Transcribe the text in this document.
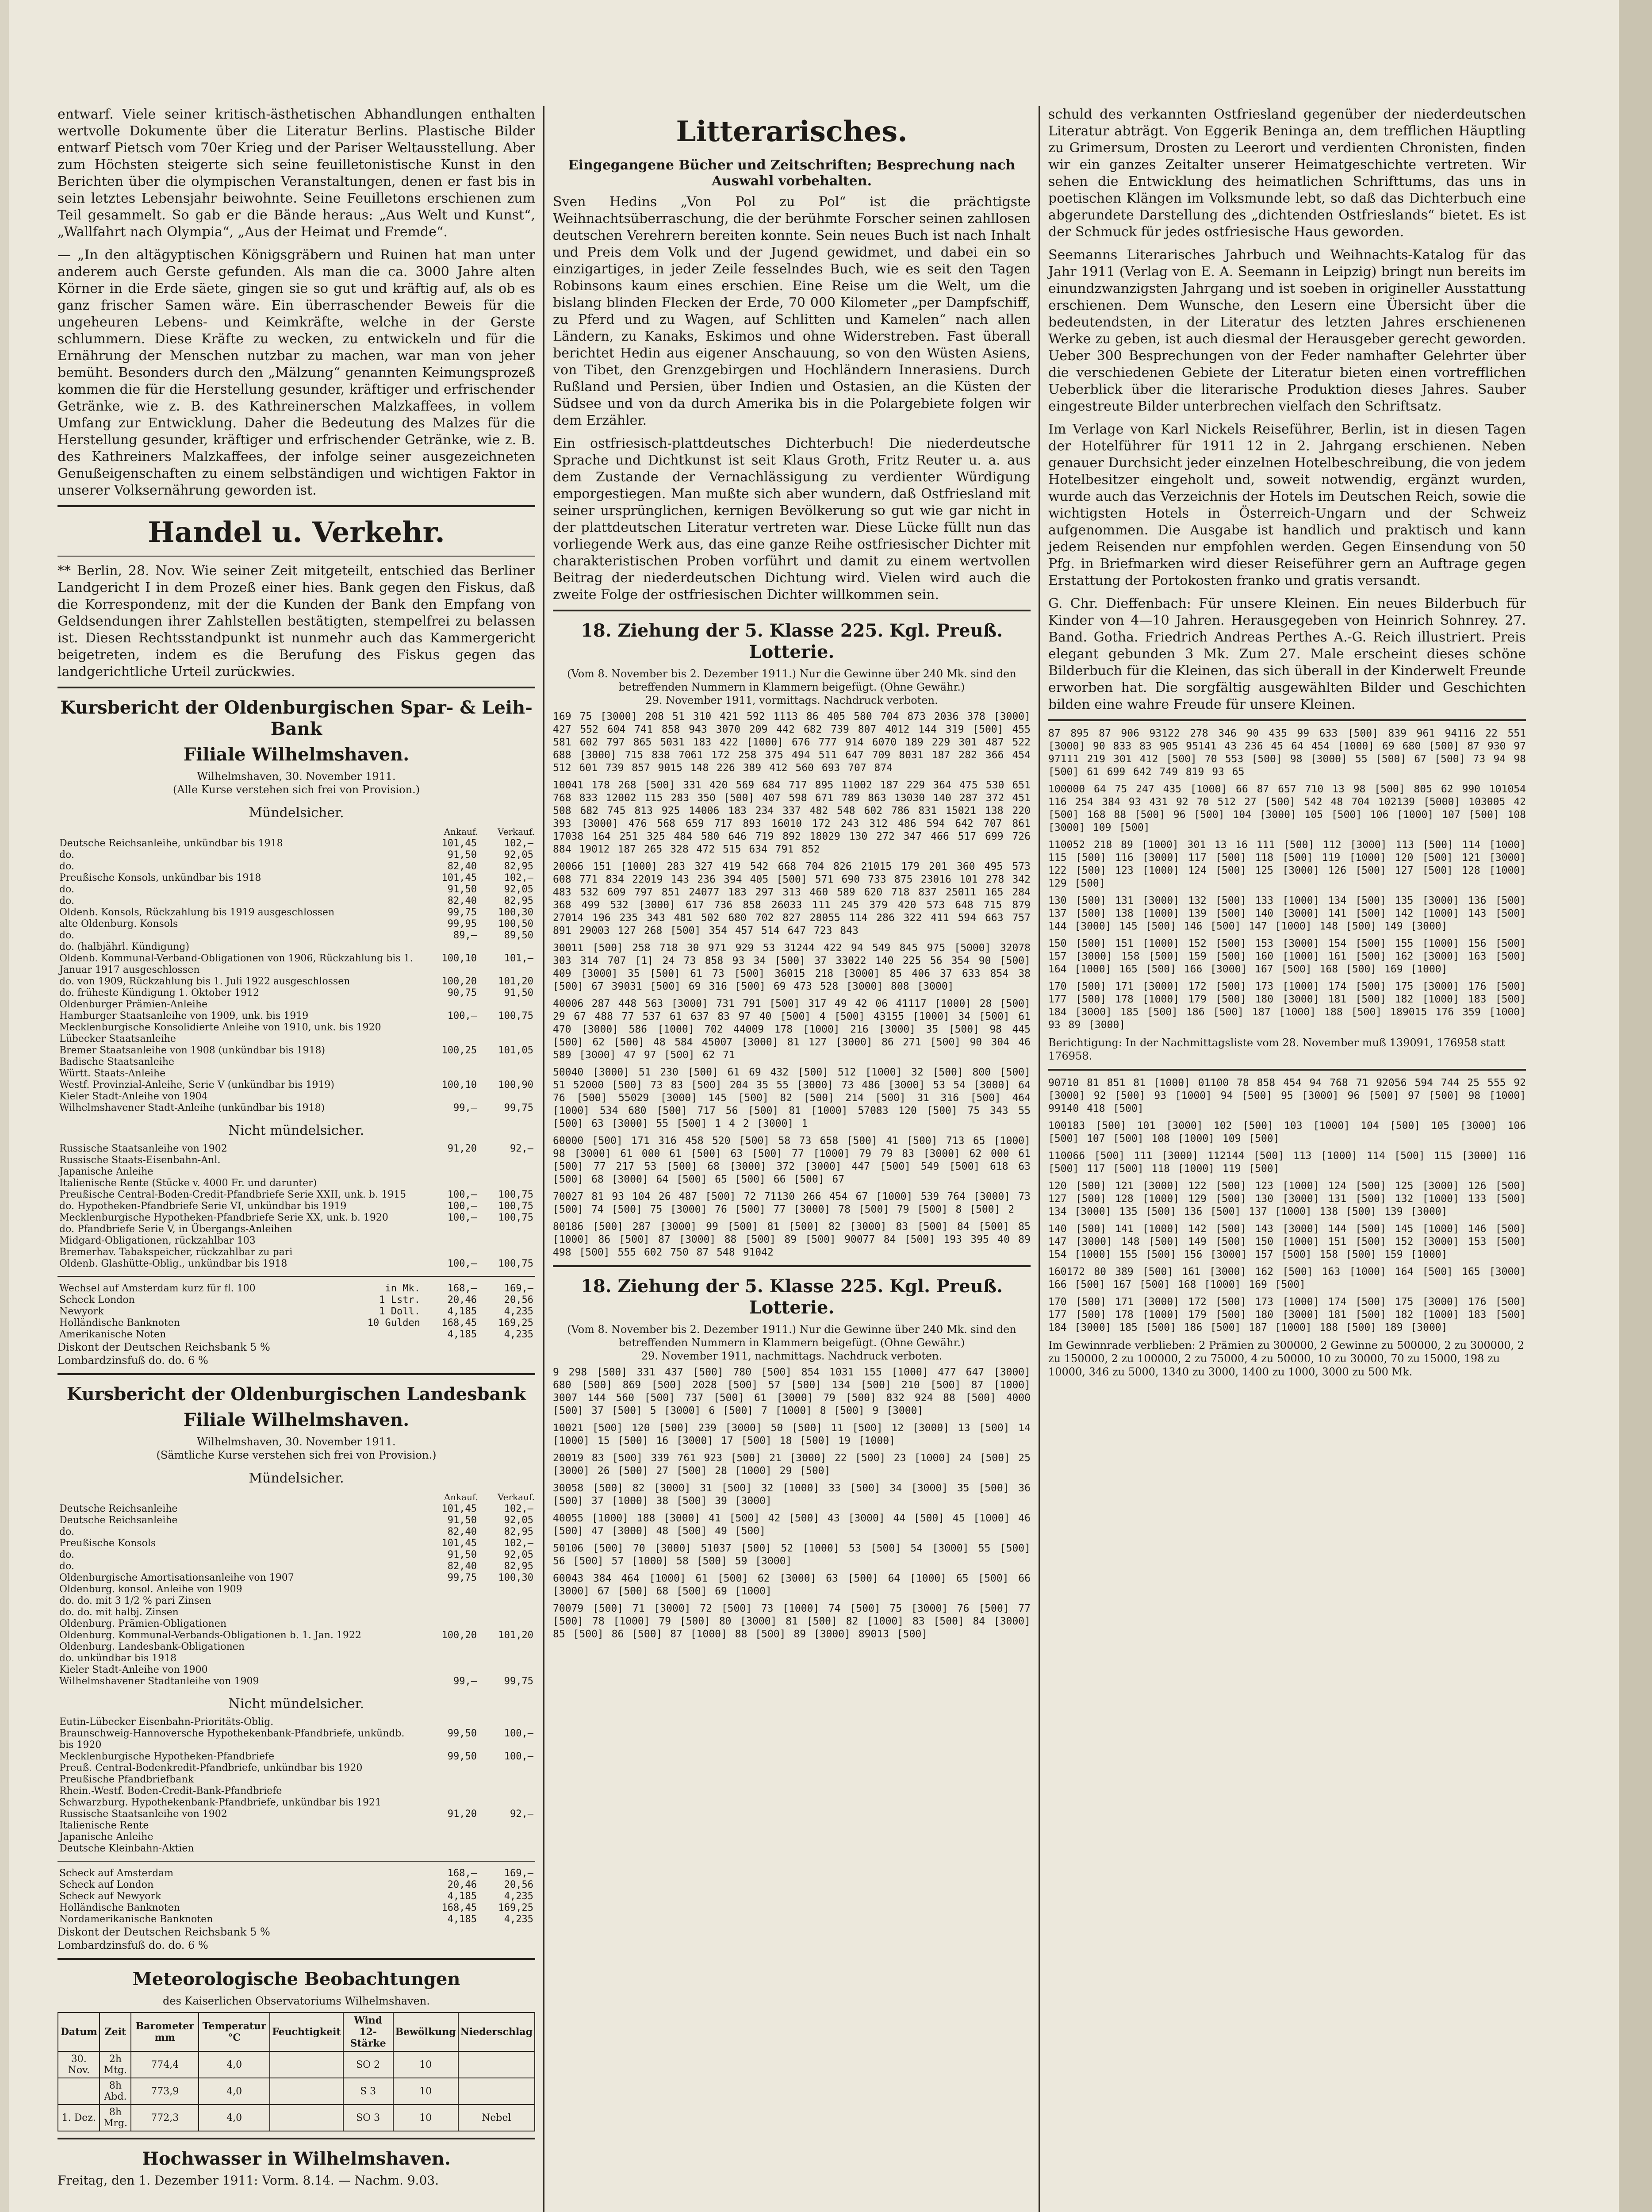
entwarf. Viele seiner kritisch-ästhetischen Abhandlungen enthalten wertvolle Dokumente über die Literatur Berlins. Plastische Bilder entwarf Pietsch vom 70er Krieg und der Pariser Weltausstellung. Aber zum Höchsten steigerte sich seine feuilletonistische Kunst in den Berichten über die olympischen Veranstaltungen, denen er fast bis in sein letztes Lebensjahr beiwohnte. Seine Feuilletons erschienen zum Teil gesammelt. So gab er die Bände heraus: „Aus Welt und Kunst“, „Wallfahrt nach Olympia“, „Aus der Heimat und Fremde“.

— „In den altägyptischen Königsgräbern und Ruinen hat man unter anderem auch Gerste gefunden. Als man die ca. 3000 Jahre alten Körner in die Erde säete, gingen sie so gut und kräftig auf, als ob es ganz frischer Samen wäre. Ein überraschender Beweis für die ungeheuren Lebens- und Keimkräfte, welche in der Gerste schlummern. Diese Kräfte zu wecken, zu entwickeln und für die Ernährung der Menschen nutzbar zu machen, war man von jeher bemüht. Besonders durch den „Mälzung“ genannten Keimungsprozeß kommen die für die Herstellung gesunder, kräftiger und erfrischender Getränke, wie z. B. des Kathreinerschen Malzkaffees, in vollem Umfang zur Entwicklung. Daher die Bedeutung des Malzes für die Herstellung gesunder, kräftiger und erfrischender Getränke, wie z. B. des Kathreiners Malzkaffees, der infolge seiner ausgezeichneten Genußeigenschaften zu einem selbständigen und wichtigen Faktor in unserer Volksernährung geworden ist.

Handel u. Verkehr.

** Berlin, 28. Nov. Wie seiner Zeit mitgeteilt, entschied das Berliner Landgericht I in dem Prozeß einer hies. Bank gegen den Fiskus, daß die Korrespondenz, mit der die Kunden der Bank den Empfang von Geldsendungen ihrer Zahlstellen bestätigten, stempelfrei zu belassen ist. Diesen Rechtsstandpunkt ist nunmehr auch das Kammergericht beigetreten, indem es die Berufung des Fiskus gegen das landgerichtliche Urteil zurückwies.

Kursbericht der Oldenburgischen Spar- & Leih-Bank
Filiale Wilhelmshaven.
Wilhelmshaven, 30. November 1911.
(Alle Kurse verstehen sich frei von Provision.)
Mündelsicher.
	Ankauf.	Verkauf.
Deutsche Reichsanleihe, unkündbar bis 1918	101,45	102,—
do.	91,50	92,05
do.	82,40	82,95
Preußische Konsols, unkündbar bis 1918	101,45	102,—
do.	91,50	92,05
do.	82,40	82,95
Oldenb. Konsols, Rückzahlung bis 1919 ausgeschlossen	99,75	100,30
alte Oldenburg. Konsols	99,95	100,50
do.	89,—	89,50
do. (halbjährl. Kündigung)		
Oldenb. Kommunal-Verband-Obligationen von 1906, Rückzahlung bis 1. Januar 1917 ausgeschlossen	100,10	101,—
do. von 1909, Rückzahlung bis 1. Juli 1922 ausgeschlossen	100,20	101,20
do. früheste Kündigung 1. Oktober 1912	90,75	91,50
Oldenburger Prämien-Anleihe		
Hamburger Staatsanleihe von 1909, unk. bis 1919	100,—	100,75
Mecklenburgische Konsolidierte Anleihe von 1910, unk. bis 1920		
Lübecker Staatsanleihe		
Bremer Staatsanleihe von 1908 (unkündbar bis 1918)	100,25	101,05
Badische Staatsanleihe		
Württ. Staats-Anleihe		
Westf. Provinzial-Anleihe, Serie V (unkündbar bis 1919)	100,10	100,90
Kieler Stadt-Anleihe von 1904		
Wilhelmshavener Stadt-Anleihe (unkündbar bis 1918)	99,—	99,75
Nicht mündelsicher.
Russische Staatsanleihe von 1902	91,20	92,—
Russische Staats-Eisenbahn-Anl.		
Japanische Anleihe		
Italienische Rente (Stücke v. 4000 Fr. und darunter)		
Preußische Central-Boden-Credit-Pfandbriefe Serie XXII, unk. b. 1915	100,—	100,75
do. Hypotheken-Pfandbriefe Serie VI, unkündbar bis 1919	100,—	100,75
Mecklenburgische Hypotheken-Pfandbriefe Serie XX, unk. b. 1920	100,—	100,75
do. Pfandbriefe Serie V, in Übergangs-Anleihen		
Midgard-Obligationen, rückzahlbar 103		
Bremerhav. Tabakspeicher, rückzahlbar zu pari		
Oldenb. Glashütte-Oblig., unkündbar bis 1918	100,—	100,75
Wechsel auf Amsterdam kurz für fl. 100	in Mk.	168,—	169,—
Scheck London	1 Lstr.	20,46	20,56
Newyork	1 Doll.	4,185	4,235
Holländische Banknoten	10 Gulden	168,45	169,25
Amerikanische Noten		4,185	4,235
Diskont der Deutschen Reichsbank 5 %
Lombardzinsfuß do. do. 6 %
Kursbericht der Oldenburgischen Landesbank
Filiale Wilhelmshaven.
Wilhelmshaven, 30. November 1911.
(Sämtliche Kurse verstehen sich frei von Provision.)
Mündelsicher.
	Ankauf.	Verkauf.
Deutsche Reichsanleihe	101,45	102,—
Deutsche Reichsanleihe	91,50	92,05
do.	82,40	82,95
Preußische Konsols	101,45	102,—
do.	91,50	92,05
do.	82,40	82,95
Oldenburgische Amortisationsanleihe von 1907	99,75	100,30
Oldenburg. konsol. Anleihe von 1909		
do. do. mit 3 1/2 % pari Zinsen		
do. do. mit halbj. Zinsen		
Oldenburg. Prämien-Obligationen		
Oldenburg. Kommunal-Verbands-Obligationen b. 1. Jan. 1922	100,20	101,20
Oldenburg. Landesbank-Obligationen		
do. unkündbar bis 1918		
Kieler Stadt-Anleihe von 1900		
Wilhelmshavener Stadtanleihe von 1909	99,—	99,75
Nicht mündelsicher.
Eutin-Lübecker Eisenbahn-Prioritäts-Oblig.		
Braunschweig-Hannoversche Hypothekenbank-Pfandbriefe, unkündb. bis 1920	99,50	100,—
Mecklenburgische Hypotheken-Pfandbriefe	99,50	100,—
Preuß. Central-Bodenkredit-Pfandbriefe, unkündbar bis 1920		
Preußische Pfandbriefbank		
Rhein.-Westf. Boden-Credit-Bank-Pfandbriefe		
Schwarzburg. Hypothekenbank-Pfandbriefe, unkündbar bis 1921		
Russische Staatsanleihe von 1902	91,20	92,—
Italienische Rente		
Japanische Anleihe		
Deutsche Kleinbahn-Aktien		
Scheck auf Amsterdam	168,—	169,—
Scheck auf London	20,46	20,56
Scheck auf Newyork	4,185	4,235
Holländische Banknoten	168,45	169,25
Nordamerikanische Banknoten	4,185	4,235
Diskont der Deutschen Reichsbank 5 %
Lombardzinsfuß do. do. 6 %
Meteorologische Beobachtungen
des Kaiserlichen Observatoriums Wilhelmshaven.
Datum	Zeit	Barometer mm	Temperatur °C	Feuchtigkeit	Wind 12-Stärke	Bewölkung	Niederschlag
30. Nov.	2h Mtg.	774,4	4,0		SO 2	10	
	8h Abd.	773,9	4,0		S 3	10	
1. Dez.	8h Mrg.	772,3	4,0		SO 3	10	Nebel
Hochwasser in Wilhelmshaven.
Freitag, den 1. Dezember 1911: Vorm. 8.14. — Nachm. 9.03.
Litterarisches.
Eingegangene Bücher und Zeitschriften; Besprechung nach Auswahl vorbehalten.

Sven Hedins „Von Pol zu Pol“ ist die prächtigste Weihnachtsüberraschung, die der berühmte Forscher seinen zahllosen deutschen Verehrern bereiten konnte. Sein neues Buch ist nach Inhalt und Preis dem Volk und der Jugend gewidmet, und dabei ein so einzigartiges, in jeder Zeile fesselndes Buch, wie es seit den Tagen Robinsons kaum eines erschien. Eine Reise um die Welt, um die bislang blinden Flecken der Erde, 70 000 Kilometer „per Dampfschiff, zu Pferd und zu Wagen, auf Schlitten und Kamelen“ nach allen Ländern, zu Kanaks, Eskimos und ohne Widerstreben. Fast überall berichtet Hedin aus eigener Anschauung, so von den Wüsten Asiens, von Tibet, den Grenzgebirgen und Hochländern Innerasiens. Durch Rußland und Persien, über Indien und Ostasien, an die Küsten der Südsee und von da durch Amerika bis in die Polargebiete folgen wir dem Erzähler.

Ein ostfriesisch-plattdeutsches Dichterbuch! Die niederdeutsche Sprache und Dichtkunst ist seit Klaus Groth, Fritz Reuter u. a. aus dem Zustande der Vernachlässigung zu verdienter Würdigung emporgestiegen. Man mußte sich aber wundern, daß Ostfriesland mit seiner ursprünglichen, kernigen Bevölkerung so gut wie gar nicht in der plattdeutschen Literatur vertreten war. Diese Lücke füllt nun das vorliegende Werk aus, das eine ganze Reihe ostfriesischer Dichter mit charakteristischen Proben vorführt und damit zu einem wertvollen Beitrag der niederdeutschen Dichtung wird. Vielen wird auch die zweite Folge der ostfriesischen Dichter willkommen sein.

18. Ziehung der 5. Klasse 225. Kgl. Preuß. Lotterie.
(Vom 8. November bis 2. Dezember 1911.) Nur die Gewinne über 240 Mk. sind den betreffenden Nummern in Klammern beigefügt. (Ohne Gewähr.)
29. November 1911, vormittags. Nachdruck verboten.

169 75 [3000] 208 51 310 421 592 1113 86 405 580 704 873 2036 378 [3000] 427 552 604 741 858 943 3070 209 442 682 739 807 4012 144 319 [500] 455 581 602 797 865 5031 183 422 [1000] 676 777 914 6070 189 229 301 487 522 688 [3000] 715 838 7061 172 258 375 494 511 647 709 8031 187 282 366 454 512 601 739 857 9015 148 226 389 412 560 693 707 874

10041 178 268 [500] 331 420 569 684 717 895 11002 187 229 364 475 530 651 768 833 12002 115 283 350 [500] 407 598 671 789 863 13030 140 287 372 451 508 682 745 813 925 14006 183 234 337 482 548 602 786 831 15021 138 220 393 [3000] 476 568 659 717 893 16010 172 243 312 486 594 642 707 861 17038 164 251 325 484 580 646 719 892 18029 130 272 347 466 517 699 726 884 19012 187 265 328 472 515 634 791 852

20066 151 [1000] 283 327 419 542 668 704 826 21015 179 201 360 495 573 608 771 834 22019 143 236 394 405 [500] 571 690 733 875 23016 101 278 342 483 532 609 797 851 24077 183 297 313 460 589 620 718 837 25011 165 284 368 499 532 [3000] 617 736 858 26033 111 245 379 420 573 648 715 879 27014 196 235 343 481 502 680 702 827 28055 114 286 322 411 594 663 757 891 29003 127 268 [500] 354 457 514 647 723 843

30011 [500] 258 718 30 971 929 53 31244 422 94 549 845 975 [5000] 32078 303 314 707 [1] 24 73 858 93 34 [500] 37 33022 140 225 56 354 90 [500] 409 [3000] 35 [500] 61 73 [500] 36015 218 [3000] 85 406 37 633 854 38 [500] 67 39031 [500] 69 316 [500] 69 473 528 [3000] 808 [3000]

40006 287 448 563 [3000] 731 791 [500] 317 49 42 06 41117 [1000] 28 [500] 29 67 488 77 537 61 637 83 97 40 [500] 4 [500] 43155 [1000] 34 [500] 61 470 [3000] 586 [1000] 702 44009 178 [1000] 216 [3000] 35 [500] 98 445 [500] 62 [500] 48 584 45007 [3000] 81 127 [3000] 86 271 [500] 90 304 46 589 [3000] 47 97 [500] 62 71

50040 [3000] 51 230 [500] 61 69 432 [500] 512 [1000] 32 [500] 800 [500] 51 52000 [500] 73 83 [500] 204 35 55 [3000] 73 486 [3000] 53 54 [3000] 64 76 [500] 55029 [3000] 145 [500] 82 [500] 214 [500] 31 316 [500] 464 [1000] 534 680 [500] 717 56 [500] 81 [1000] 57083 120 [500] 75 343 55 [500] 63 [3000] 55 [500] 1 4 2 [3000] 1

60000 [500] 171 316 458 520 [500] 58 73 658 [500] 41 [500] 713 65 [1000] 98 [3000] 61 000 61 [500] 63 [500] 77 [1000] 79 79 83 [3000] 62 000 61 [500] 77 217 53 [500] 68 [3000] 372 [3000] 447 [500] 549 [500] 618 63 [500] 68 [3000] 64 [500] 65 [500] 66 [500] 67

70027 81 93 104 26 487 [500] 72 71130 266 454 67 [1000] 539 764 [3000] 73 [500] 74 [500] 75 [3000] 76 [500] 77 [3000] 78 [500] 79 [500] 8 [500] 2

80186 [500] 287 [3000] 99 [500] 81 [500] 82 [3000] 83 [500] 84 [500] 85 [1000] 86 [500] 87 [3000] 88 [500] 89 [500] 90077 84 [500] 193 395 40 89 498 [500] 555 602 750 87 548 91042

18. Ziehung der 5. Klasse 225. Kgl. Preuß. Lotterie.
(Vom 8. November bis 2. Dezember 1911.) Nur die Gewinne über 240 Mk. sind den betreffenden Nummern in Klammern beigefügt. (Ohne Gewähr.)
29. November 1911, nachmittags. Nachdruck verboten.

9 298 [500] 331 437 [500] 780 [500] 854 1031 155 [1000] 477 647 [3000] 680 [500] 869 [500] 2028 [500] 57 [500] 134 [500] 210 [500] 87 [1000] 3007 144 560 [500] 737 [500] 61 [3000] 79 [500] 832 924 88 [500] 4000 [500] 37 [500] 5 [3000] 6 [500] 7 [1000] 8 [500] 9 [3000]

10021 [500] 120 [500] 239 [3000] 50 [500] 11 [500] 12 [3000] 13 [500] 14 [1000] 15 [500] 16 [3000] 17 [500] 18 [500] 19 [1000]

20019 83 [500] 339 761 923 [500] 21 [3000] 22 [500] 23 [1000] 24 [500] 25 [3000] 26 [500] 27 [500] 28 [1000] 29 [500]

30058 [500] 82 [3000] 31 [500] 32 [1000] 33 [500] 34 [3000] 35 [500] 36 [500] 37 [1000] 38 [500] 39 [3000]

40055 [1000] 188 [3000] 41 [500] 42 [500] 43 [3000] 44 [500] 45 [1000] 46 [500] 47 [3000] 48 [500] 49 [500]

50106 [500] 70 [3000] 51037 [500] 52 [1000] 53 [500] 54 [3000] 55 [500] 56 [500] 57 [1000] 58 [500] 59 [3000]

60043 384 464 [1000] 61 [500] 62 [3000] 63 [500] 64 [1000] 65 [500] 66 [3000] 67 [500] 68 [500] 69 [1000]

70079 [500] 71 [3000] 72 [500] 73 [1000] 74 [500] 75 [3000] 76 [500] 77 [500] 78 [1000] 79 [500] 80 [3000] 81 [500] 82 [1000] 83 [500] 84 [3000] 85 [500] 86 [500] 87 [1000] 88 [500] 89 [3000] 89013 [500]

schuld des verkannten Ostfriesland gegenüber der niederdeutschen Literatur abträgt. Von Eggerik Beninga an, dem trefflichen Häuptling zu Grimersum, Drosten zu Leerort und verdienten Chronisten, finden wir ein ganzes Zeitalter unserer Heimatgeschichte vertreten. Wir sehen die Entwicklung des heimatlichen Schrifttums, das uns in poetischen Klängen im Volksmunde lebt, so daß das Dichterbuch eine abgerundete Darstellung des „dichtenden Ostfrieslands“ bietet. Es ist der Schmuck für jedes ostfriesische Haus geworden.

Seemanns Literarisches Jahrbuch und Weihnachts-Katalog für das Jahr 1911 (Verlag von E. A. Seemann in Leipzig) bringt nun bereits im einundzwanzigsten Jahrgang und ist soeben in origineller Ausstattung erschienen. Dem Wunsche, den Lesern eine Übersicht über die bedeutendsten, in der Literatur des letzten Jahres erschienenen Werke zu geben, ist auch diesmal der Herausgeber gerecht geworden. Ueber 300 Besprechungen von der Feder namhafter Gelehrter über die verschiedenen Gebiete der Literatur bieten einen vortrefflichen Ueberblick über die literarische Produktion dieses Jahres. Sauber eingestreute Bilder unterbrechen vielfach den Schriftsatz.

Im Verlage von Karl Nickels Reiseführer, Berlin, ist in diesen Tagen der Hotelführer für 1911 12 in 2. Jahrgang erschienen. Neben genauer Durchsicht jeder einzelnen Hotelbeschreibung, die von jedem Hotelbesitzer eingeholt und, soweit notwendig, ergänzt wurden, wurde auch das Verzeichnis der Hotels im Deutschen Reich, sowie die wichtigsten Hotels in Österreich-Ungarn und der Schweiz aufgenommen. Die Ausgabe ist handlich und praktisch und kann jedem Reisenden nur empfohlen werden. Gegen Einsendung von 50 Pfg. in Briefmarken wird dieser Reiseführer gern an Auftrage gegen Erstattung der Portokosten franko und gratis versandt.

G. Chr. Dieffenbach: Für unsere Kleinen. Ein neues Bilderbuch für Kinder von 4—10 Jahren. Herausgegeben von Heinrich Sohnrey. 27. Band. Gotha. Friedrich Andreas Perthes A.-G. Reich illustriert. Preis elegant gebunden 3 Mk. Zum 27. Male erscheint dieses schöne Bilderbuch für die Kleinen, das sich überall in der Kinderwelt Freunde erworben hat. Die sorgfältig ausgewählten Bilder und Geschichten bilden eine wahre Freude für unsere Kleinen.

87 895 87 906 93122 278 346 90 435 99 633 [500] 839 961 94116 22 551 [3000] 90 833 83 905 95141 43 236 45 64 454 [1000] 69 680 [500] 87 930 97 97111 219 301 412 [500] 70 553 [500] 98 [3000] 55 [500] 67 [500] 73 94 98 [500] 61 699 642 749 819 93 65

100000 64 75 247 435 [1000] 66 87 657 710 13 98 [500] 805 62 990 101054 116 254 384 93 431 92 70 512 27 [500] 542 48 704 102139 [5000] 103005 42 [500] 168 88 [500] 96 [500] 104 [3000] 105 [500] 106 [1000] 107 [500] 108 [3000] 109 [500]

110052 218 89 [1000] 301 13 16 111 [500] 112 [3000] 113 [500] 114 [1000] 115 [500] 116 [3000] 117 [500] 118 [500] 119 [1000] 120 [500] 121 [3000] 122 [500] 123 [1000] 124 [500] 125 [3000] 126 [500] 127 [500] 128 [1000] 129 [500]

130 [500] 131 [3000] 132 [500] 133 [1000] 134 [500] 135 [3000] 136 [500] 137 [500] 138 [1000] 139 [500] 140 [3000] 141 [500] 142 [1000] 143 [500] 144 [3000] 145 [500] 146 [500] 147 [1000] 148 [500] 149 [3000]

150 [500] 151 [1000] 152 [500] 153 [3000] 154 [500] 155 [1000] 156 [500] 157 [3000] 158 [500] 159 [500] 160 [1000] 161 [500] 162 [3000] 163 [500] 164 [1000] 165 [500] 166 [3000] 167 [500] 168 [500] 169 [1000]

170 [500] 171 [3000] 172 [500] 173 [1000] 174 [500] 175 [3000] 176 [500] 177 [500] 178 [1000] 179 [500] 180 [3000] 181 [500] 182 [1000] 183 [500] 184 [3000] 185 [500] 186 [500] 187 [1000] 188 [500] 189015 176 359 [1000] 93 89 [3000]

Berichtigung: In der Nachmittagsliste vom 28. November muß 139091, 176958 statt 176958.

90710 81 851 81 [1000] 01100 78 858 454 94 768 71 92056 594 744 25 555 92 [3000] 92 [500] 93 [1000] 94 [500] 95 [3000] 96 [500] 97 [500] 98 [1000] 99140 418 [500]

100183 [500] 101 [3000] 102 [500] 103 [1000] 104 [500] 105 [3000] 106 [500] 107 [500] 108 [1000] 109 [500]

110066 [500] 111 [3000] 112144 [500] 113 [1000] 114 [500] 115 [3000] 116 [500] 117 [500] 118 [1000] 119 [500]

120 [500] 121 [3000] 122 [500] 123 [1000] 124 [500] 125 [3000] 126 [500] 127 [500] 128 [1000] 129 [500] 130 [3000] 131 [500] 132 [1000] 133 [500] 134 [3000] 135 [500] 136 [500] 137 [1000] 138 [500] 139 [3000]

140 [500] 141 [1000] 142 [500] 143 [3000] 144 [500] 145 [1000] 146 [500] 147 [3000] 148 [500] 149 [500] 150 [1000] 151 [500] 152 [3000] 153 [500] 154 [1000] 155 [500] 156 [3000] 157 [500] 158 [500] 159 [1000]

160172 80 389 [500] 161 [3000] 162 [500] 163 [1000] 164 [500] 165 [3000] 166 [500] 167 [500] 168 [1000] 169 [500]

170 [500] 171 [3000] 172 [500] 173 [1000] 174 [500] 175 [3000] 176 [500] 177 [500] 178 [1000] 179 [500] 180 [3000] 181 [500] 182 [1000] 183 [500] 184 [3000] 185 [500] 186 [500] 187 [1000] 188 [500] 189 [3000]

Im Gewinnrade verblieben: 2 Prämien zu 300000, 2 Gewinne zu 500000, 2 zu 300000, 2 zu 150000, 2 zu 100000, 2 zu 75000, 4 zu 50000, 10 zu 30000, 70 zu 15000, 198 zu 10000, 346 zu 5000, 1340 zu 3000, 1400 zu 1000, 3000 zu 500 Mk.
